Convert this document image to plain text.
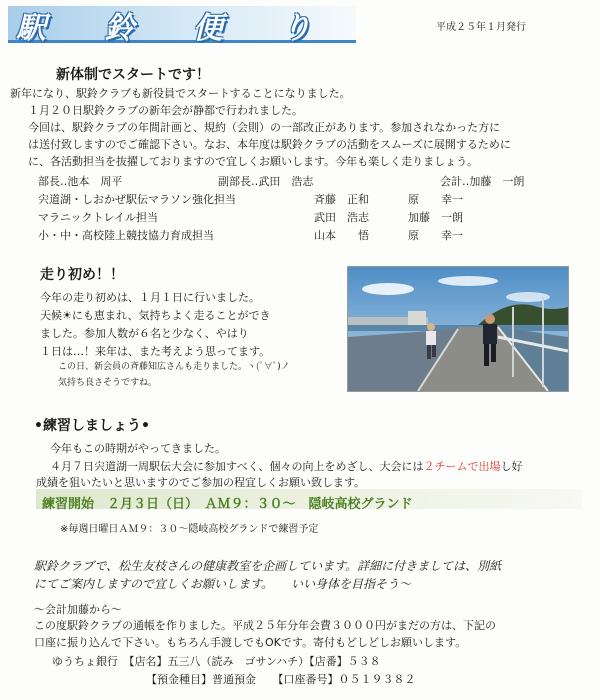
駅 鈴 便 り	平成２５年１月発行
新体制でスタートです！
新年になり、駅鈴クラブも新役員でスタートすることになりました。
１月２０日駅鈴クラブの新年会が静都で行われました。
今回は、駅鈴クラブの年間計画と、規約（会則）の一部改正があります。参加されなかった方に
は送付致しますのでご確認下さい。なお、本年度は駅鈴クラブの活動をスムーズに展開するために
に、各活動担当を抜擢しておりますので宜しくお願いします。今年も楽しく走りましょう。
部長‥池本　周平	副部長‥武田　浩志	会計‥加藤　一朗
宍道湖・しおかぜ駅伝マラソン強化担当	斉藤　正和	原　　幸一
マラニックトレイル担当	武田　浩志	加藤　一朗
小・中・高校陸上競技協力育成担当	山本　　悟	原　　幸一
走り初め！！
今年の走り初めは、１月１日に行いました。
天候☀にも恵まれ、気持ちよく走ることができ
ました。参加人数が６名と少なく、やはり
１日は…！来年は、また考えよう思ってます。
この日、新会員の斉藤知広さんも走りました。ヽ(ﾟ∀ﾟ)ノ
気持ち良さそうですね。
•練習しましょう•
今年もこの時期がやってきました。
４月７日宍道湖一周駅伝大会に参加すべく、個々の向上をめざし、大会には２チームで出場し好
成績を狙いたいと思いますのでご参加の程宜しくお願い致します。
練習開始　２月３日（日）　ＡＭ９：３０〜　隠岐高校グランド
※毎週日曜日ＡＭ９：３０〜隠岐高校グランドで練習予定
駅鈴クラブで、松生友枝さんの健康教室を企画しています。詳細に付きましては、別紙
にてご案内しますので宜しくお願いします。　　いい身体を目指そう〜
〜会計加藤から〜
この度駅鈴クラブの通帳を作りました。平成２５年分年会費３０００円がまだの方は、下記の
口座に振り込んで下さい。もちろん手渡しでもOKです。寄付もどしどしお願いします。
ゆうちょ銀行　【店名】五三八（読み　ゴサンハチ）【店番】５３８
【預金種目】普通預金　　【口座番号】０５１９３８２
